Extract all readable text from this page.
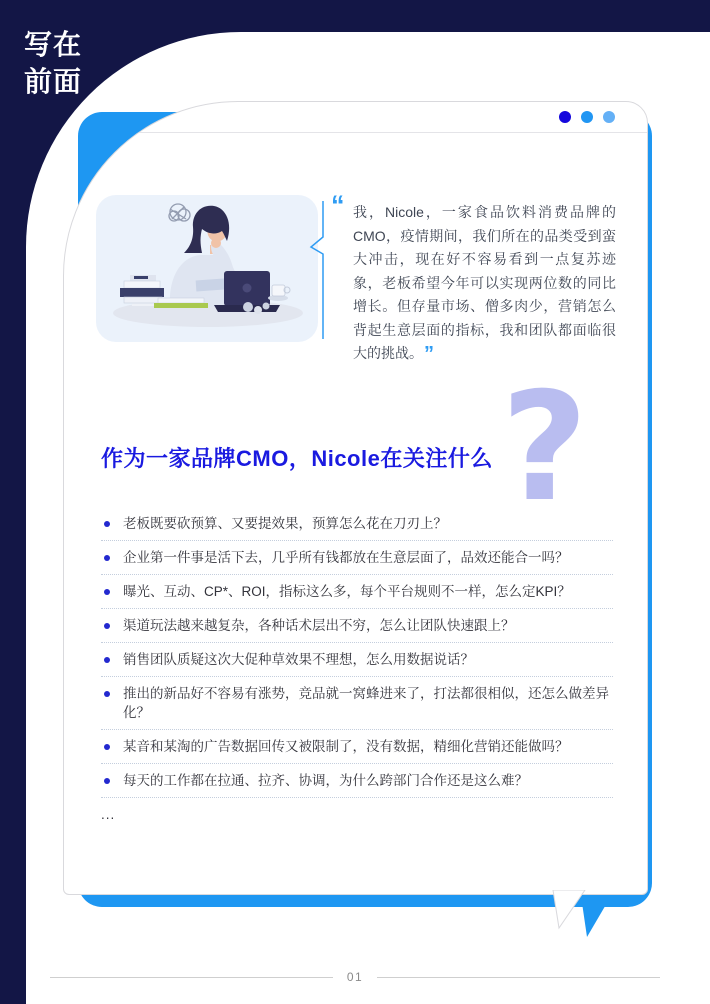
写在
前面
“ 我，Nicole，一家食品饮料消费品牌的CMO，疫情期间，我们所在的品类受到蛮大冲击，现在好不容易看到一点复苏迹象，老板希望今年可以实现两位数的同比增长。但存量市场、僧多肉少，营销怎么背起生意层面的指标，我和团队都面临很大的挑战。 ”

?
作为一家品牌CMO，Nicole在关注什么
老板既要砍预算、又要提效果，预算怎么花在刀刃上？
企业第一件事是活下去，几乎所有钱都放在生意层面了，品效还能合一吗？
曝光、互动、CP*、ROI，指标这么多，每个平台规则不一样，怎么定KPI？
渠道玩法越来越复杂，各种话术层出不穷，怎么让团队快速跟上？
销售团队质疑这次大促种草效果不理想，怎么用数据说话？
推出的新品好不容易有涨势，竞品就一窝蜂进来了，打法都很相似，还怎么做差异化？
某音和某淘的广告数据回传又被限制了，没有数据，精细化营销还能做吗？
每天的工作都在拉通、拉齐、协调，为什么跨部门合作还是这么难？
...
01
